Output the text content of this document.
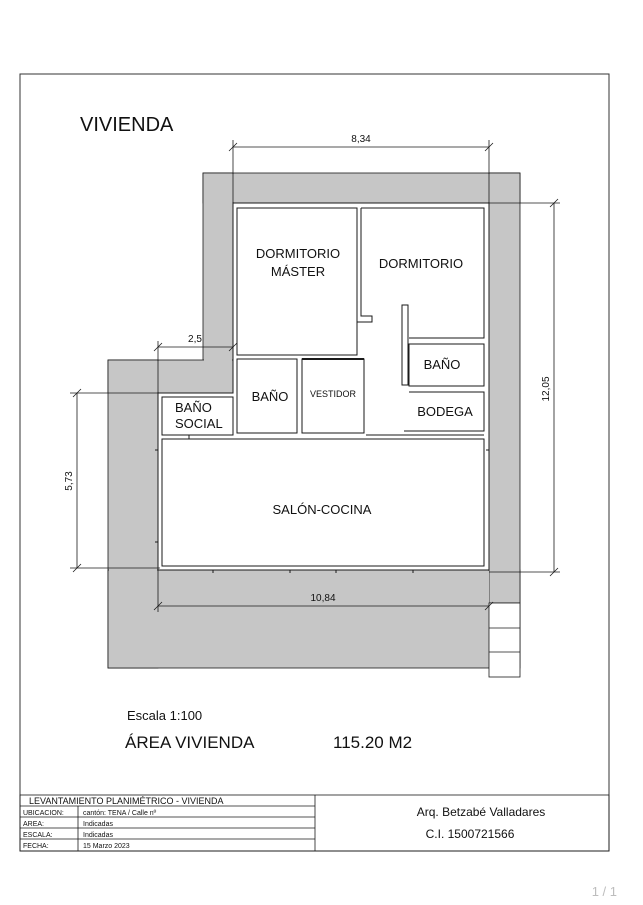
VIVIENDA
DORMITORIO
MÁSTER
DORMITORIO
BAÑO
BODEGA
BAÑO VESTIDOR
BAÑO
SOCIAL
SALÓN-COCINA
8,34
2,5
12,05
5,73
10,84
Escala 1:100
ÁREA VIVIENDA	115.20 M2
LEVANTAMIENTO PLANIMÉTRICO - VIVIENDA
UBICACION:	cantón: TENA / Calle nº
AREA:	Indicadas
ESCALA:	Indicadas
FECHA:	15 Marzo 2023
Arq. Betzabé Valladares
C.I. 1500721566
1 / 1
